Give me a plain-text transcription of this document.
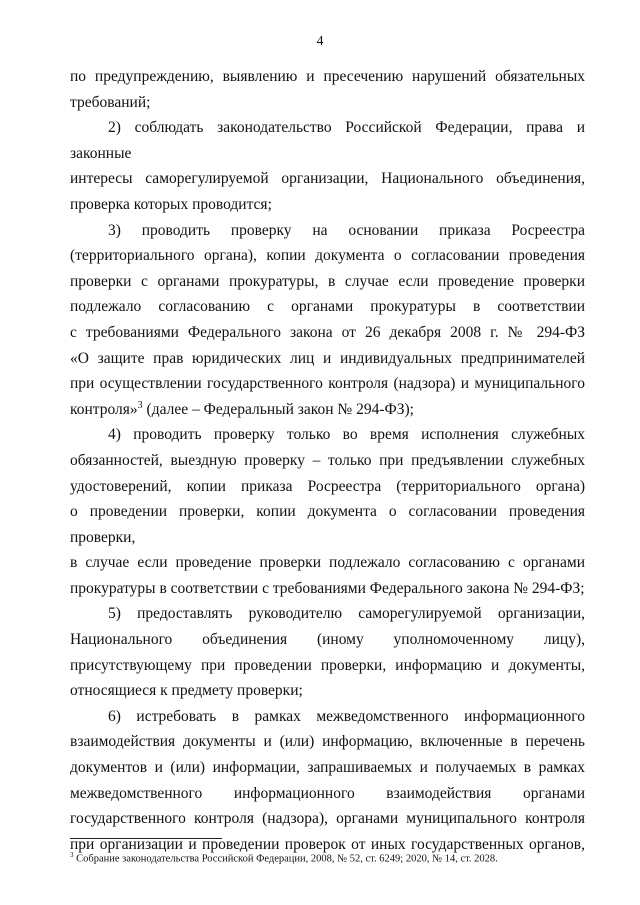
4

по предупреждению, выявлению и пресечению нарушений обязательных
требований;

2) соблюдать законодательство Российской Федерации, права и законные
интересы саморегулируемой организации, Национального объединения,
проверка которых проводится;

3) проводить проверку на основании приказа Росреестра
(территориального органа), копии документа о согласовании проведения
проверки с органами прокуратуры, в случае если проведение проверки
подлежало согласованию с органами прокуратуры в соответствии
с требованиями Федерального закона от 26 декабря 2008 г. № 294-ФЗ
«О защите прав юридических лиц и индивидуальных предпринимателей
при осуществлении государственного контроля (надзора) и муниципального
контроля»$^3$ (далее – Федеральный закон № 294-ФЗ);

4) проводить проверку только во время исполнения служебных
обязанностей, выездную проверку – только при предъявлении служебных
удостоверений, копии приказа Росреестра (территориального органа)
о проведении проверки, копии документа о согласовании проведения проверки,
в случае если проведение проверки подлежало согласованию с органами
прокуратуры в соответствии с требованиями Федерального закона № 294-ФЗ;

5) предоставлять руководителю саморегулируемой организации,
Национального объединения (иному уполномоченному лицу),
присутствующему при проведении проверки, информацию и документы,
относящиеся к предмету проверки;

6) истребовать в рамках межведомственного информационного
взаимодействия документы и (или) информацию, включенные в перечень
документов и (или) информации, запрашиваемых и получаемых в рамках
межведомственного информационного взаимодействия органами
государственного контроля (надзора), органами муниципального контроля
при организации и проведении проверок от иных государственных органов,

$^3$ Собрание законодательства Российской Федерации, 2008, № 52, ст. 6249; 2020, № 14, ст. 2028.
